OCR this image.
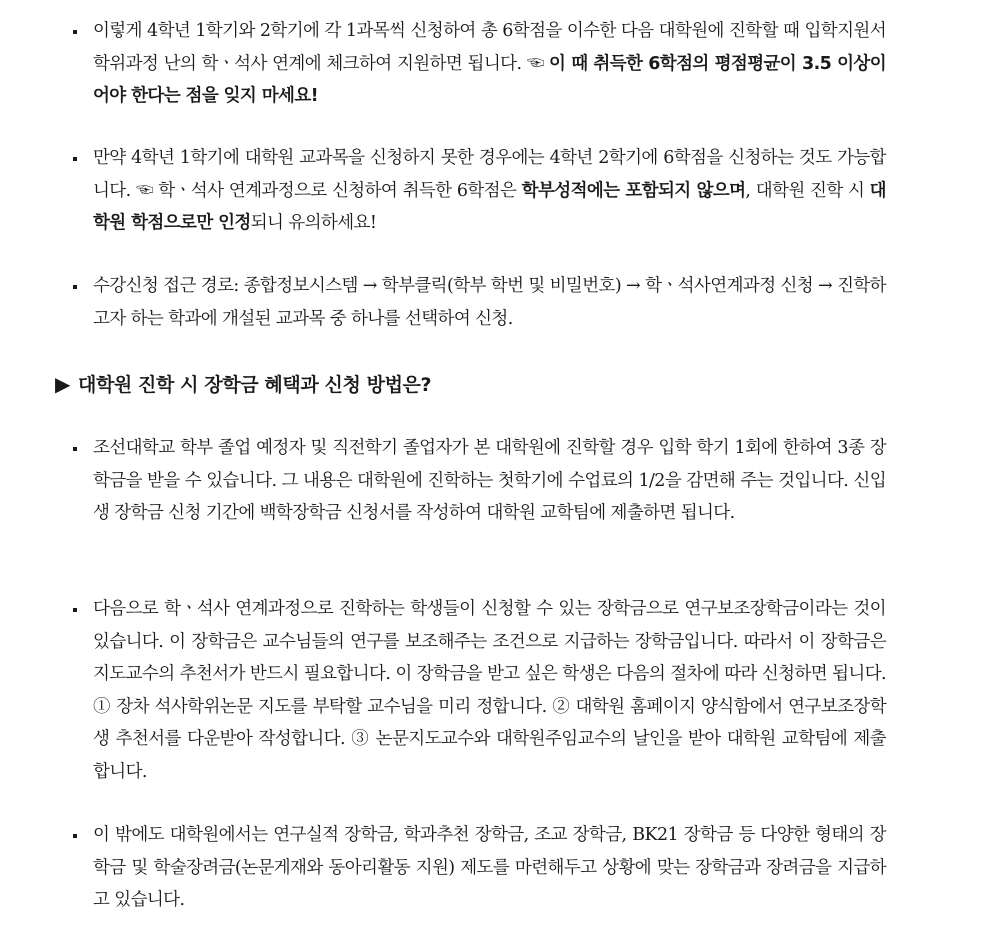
이렇게 4학년 1학기와 2학기에 각 1과목씩 신청하여 총 6학점을 이수한 다음 대학원에 진학할 때 입학지원서 학위과정 난의 학ㆍ석사 연계에 체크하여 지원하면 됩니다. ☜ 이 때 취득한 6학점의 평점평균이 3.5 이상이어야 한다는 점을 잊지 마세요!
만약 4학년 1학기에 대학원 교과목을 신청하지 못한 경우에는 4학년 2학기에 6학점을 신청하는 것도 가능합니다. ☜ 학ㆍ석사 연계과정으로 신청하여 취득한 6학점은 학부성적에는 포함되지 않으며, 대학원 진학 시 대학원 학점으로만 인정되니 유의하세요!
수강신청 접근 경로: 종합정보시스템 → 학부클릭(학부 학번 및 비밀번호) → 학ㆍ석사연계과정 신청 → 진학하고자 하는 학과에 개설된 교과목 중 하나를 선택하여 신청.
▶ 대학원 진학 시 장학금 혜택과 신청 방법은?
조선대학교 학부 졸업 예정자 및 직전학기 졸업자가 본 대학원에 진학할 경우 입학 학기 1회에 한하여 3종 장학금을 받을 수 있습니다. 그 내용은 대학원에 진학하는 첫학기에 수업료의 1/2을 감면해 주는 것입니다. 신입생 장학금 신청 기간에 백학장학금 신청서를 작성하여 대학원 교학팀에 제출하면 됩니다.
다음으로 학ㆍ석사 연계과정으로 진학하는 학생들이 신청할 수 있는 장학금으로 연구보조장학금이라는 것이 있습니다. 이 장학금은 교수님들의 연구를 보조해주는 조건으로 지급하는 장학금입니다. 따라서 이 장학금은 지도교수의 추천서가 반드시 필요합니다. 이 장학금을 받고 싶은 학생은 다음의 절차에 따라 신청하면 됩니다. ① 장차 석사학위논문 지도를 부탁할 교수님을 미리 정합니다. ② 대학원 홈페이지 양식함에서 연구보조장학생 추천서를 다운받아 작성합니다. ③ 논문지도교수와 대학원주임교수의 날인을 받아 대학원 교학팀에 제출합니다.
이 밖에도 대학원에서는 연구실적 장학금, 학과추천 장학금, 조교 장학금, BK21 장학금 등 다양한 형태의 장학금 및 학술장려금(논문게재와 동아리활동 지원) 제도를 마련해두고 상황에 맞는 장학금과 장려금을 지급하고 있습니다.
